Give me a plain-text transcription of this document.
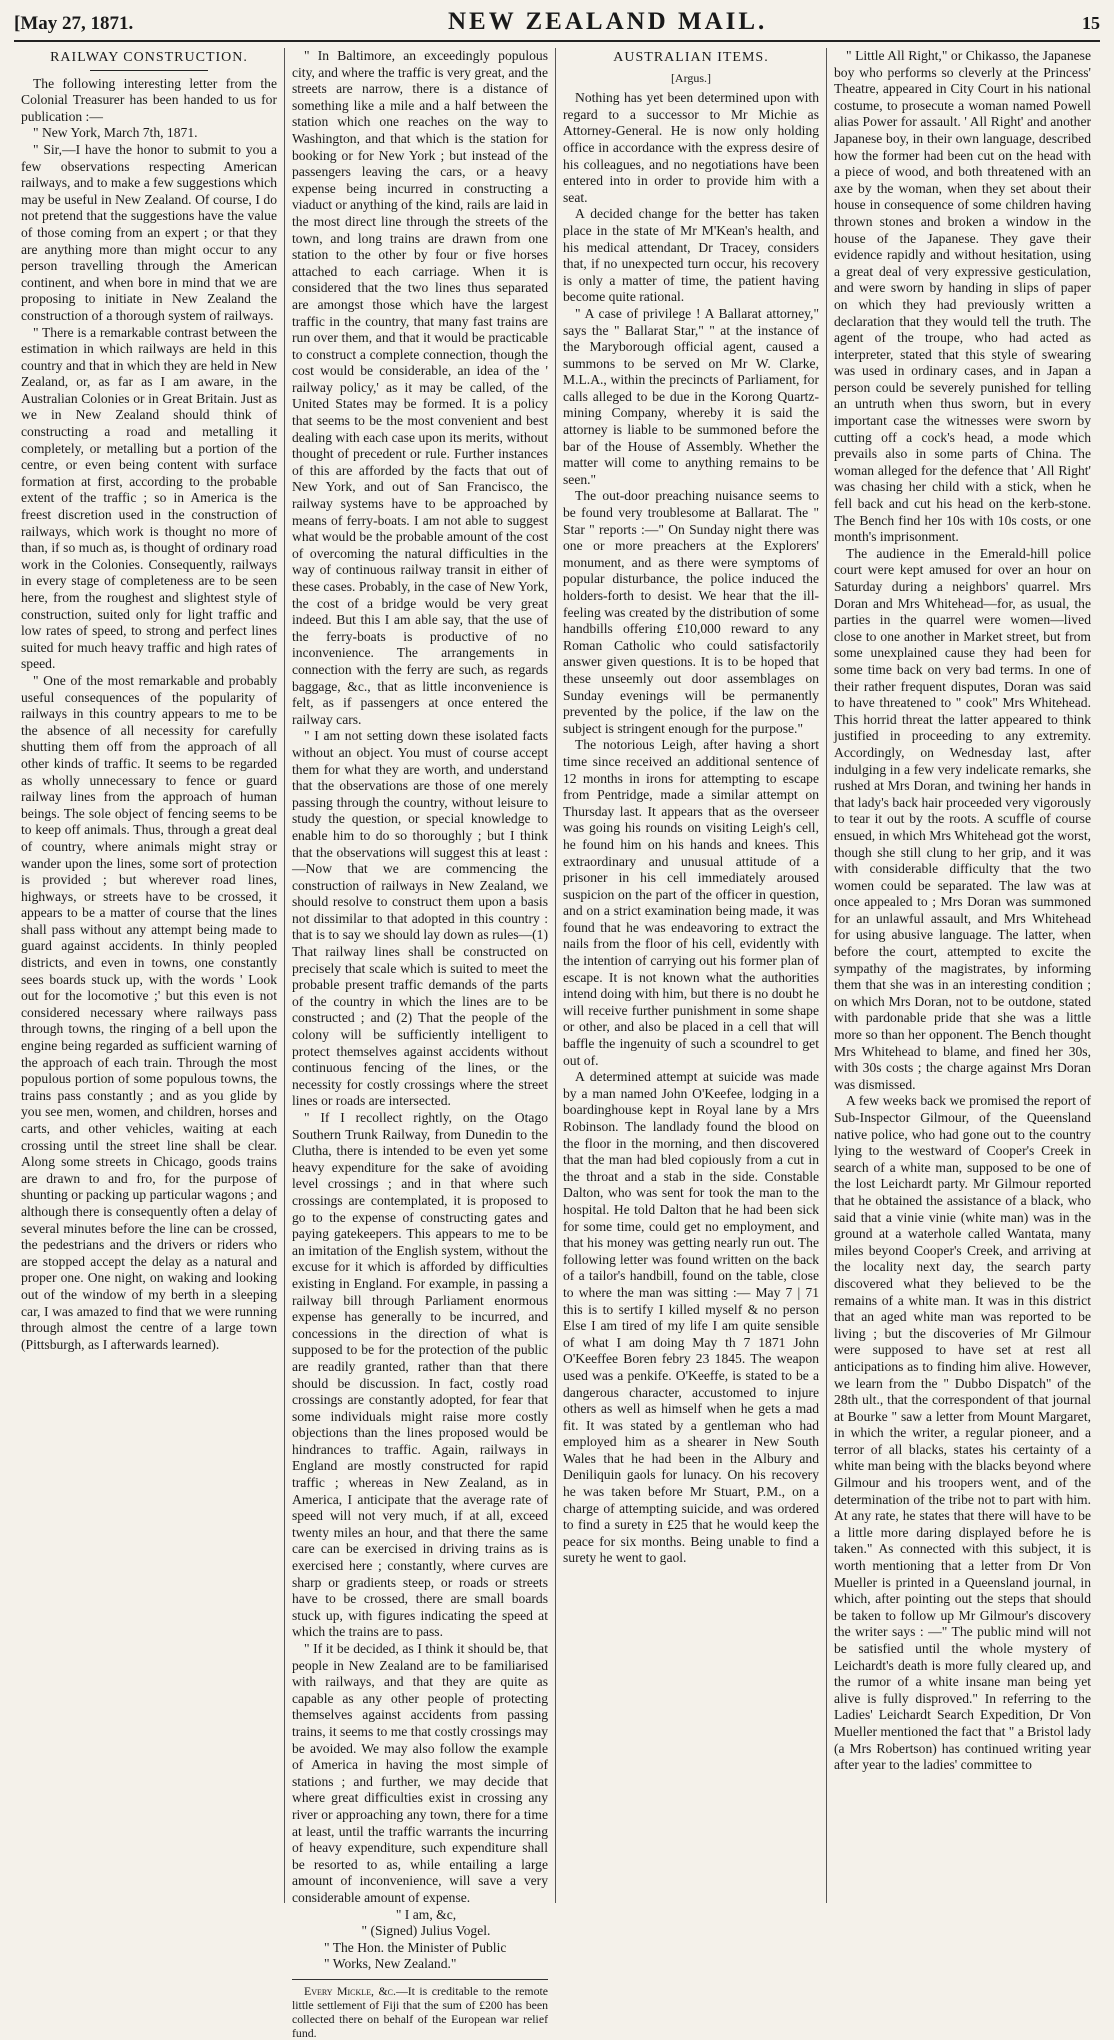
[May 27, 1871.	NEW ZEALAND MAIL.	15
RAILWAY CONSTRUCTION.

The following interesting letter from the Colonial Treasurer has been handed to us for publication :—

" New York, March 7th, 1871.

" Sir,—I have the honor to submit to you a few observations respecting American railways, and to make a few suggestions which may be useful in New Zealand. Of course, I do not pretend that the suggestions have the value of those coming from an expert ; or that they are anything more than might occur to any person travelling through the American continent, and when bore in mind that we are proposing to initiate in New Zealand the construction of a thorough system of railways.

" There is a remarkable contrast between the estimation in which railways are held in this country and that in which they are held in New Zealand, or, as far as I am aware, in the Australian Colonies or in Great Britain. Just as we in New Zealand should think of constructing a road and metalling it completely, or metalling but a portion of the centre, or even being content with surface formation at first, according to the probable extent of the traffic ; so in America is the freest discretion used in the construction of railways, which work is thought no more of than, if so much as, is thought of ordinary road work in the Colonies. Consequently, railways in every stage of completeness are to be seen here, from the roughest and slightest style of construction, suited only for light traffic and low rates of speed, to strong and perfect lines suited for much heavy traffic and high rates of speed.

" One of the most remarkable and probably useful consequences of the popularity of railways in this country appears to me to be the absence of all necessity for carefully shutting them off from the approach of all other kinds of traffic. It seems to be regarded as wholly unnecessary to fence or guard railway lines from the approach of human beings. The sole object of fencing seems to be to keep off animals. Thus, through a great deal of country, where animals might stray or wander upon the lines, some sort of protection is provided ; but wherever road lines, highways, or streets have to be crossed, it appears to be a matter of course that the lines shall pass without any attempt being made to guard against accidents. In thinly peopled districts, and even in towns, one constantly sees boards stuck up, with the words ' Look out for the locomotive ;' but this even is not considered necessary where railways pass through towns, the ringing of a bell upon the engine being regarded as sufficient warning of the approach of each train. Through the most populous portion of some populous towns, the trains pass constantly ; and as you glide by you see men, women, and children, horses and carts, and other vehicles, waiting at each crossing until the street line shall be clear. Along some streets in Chicago, goods trains are drawn to and fro, for the purpose of shunting or packing up particular wagons ; and although there is consequently often a delay of several minutes before the line can be crossed, the pedestrians and the drivers or riders who are stopped accept the delay as a natural and proper one. One night, on waking and looking out of the window of my berth in a sleeping car, I was amazed to find that we were running through almost the centre of a large town (Pittsburgh, as I afterwards learned).

" In Baltimore, an exceedingly populous city, and where the traffic is very great, and the streets are narrow, there is a distance of something like a mile and a half between the station which one reaches on the way to Washington, and that which is the station for booking or for New York ; but instead of the passengers leaving the cars, or a heavy expense being incurred in constructing a viaduct or anything of the kind, rails are laid in the most direct line through the streets of the town, and long trains are drawn from one station to the other by four or five horses attached to each carriage. When it is considered that the two lines thus separated are amongst those which have the largest traffic in the country, that many fast trains are run over them, and that it would be practicable to construct a complete connection, though the cost would be considerable, an idea of the ' railway policy,' as it may be called, of the United States may be formed. It is a policy that seems to be the most convenient and best dealing with each case upon its merits, without thought of precedent or rule. Further instances of this are afforded by the facts that out of New York, and out of San Francisco, the railway systems have to be approached by means of ferry-boats. I am not able to suggest what would be the probable amount of the cost of overcoming the natural difficulties in the way of continuous railway transit in either of these cases. Probably, in the case of New York, the cost of a bridge would be very great indeed. But this I am able say, that the use of the ferry-boats is productive of no inconvenience. The arrangements in connection with the ferry are such, as regards baggage, &c., that as little inconvenience is felt, as if passengers at once entered the railway cars.

" I am not setting down these isolated facts without an object. You must of course accept them for what they are worth, and understand that the observations are those of one merely passing through the country, without leisure to study the question, or special knowledge to enable him to do so thoroughly ; but I think that the observations will suggest this at least :—Now that we are commencing the construction of railways in New Zealand, we should resolve to construct them upon a basis not dissimilar to that adopted in this country : that is to say we should lay down as rules—(1) That railway lines shall be constructed on precisely that scale which is suited to meet the probable present traffic demands of the parts of the country in which the lines are to be constructed ; and (2) That the people of the colony will be sufficiently intelligent to protect themselves against accidents without continuous fencing of the lines, or the necessity for costly crossings where the street lines or roads are intersected.

" If I recollect rightly, on the Otago Southern Trunk Railway, from Dunedin to the Clutha, there is intended to be even yet some heavy expenditure for the sake of avoiding level crossings ; and in that where such crossings are contemplated, it is proposed to go to the expense of constructing gates and paying gatekeepers. This appears to me to be an imitation of the English system, without the excuse for it which is afforded by difficulties existing in England. For example, in passing a railway bill through Parliament enormous expense has generally to be incurred, and concessions in the direction of what is supposed to be for the protection of the public are readily granted, rather than that there should be discussion. In fact, costly road crossings are constantly adopted, for fear that some individuals might raise more costly objections than the lines proposed would be hindrances to traffic. Again, railways in England are mostly constructed for rapid traffic ; whereas in New Zealand, as in America, I anticipate that the average rate of speed will not very much, if at all, exceed twenty miles an hour, and that there the same care can be exercised in driving trains as is exercised here ; constantly, where curves are sharp or gradients steep, or roads or streets have to be crossed, there are small boards stuck up, with figures indicating the speed at which the trains are to pass.

" If it be decided, as I think it should be, that people in New Zealand are to be familiarised with railways, and that they are quite as capable as any other people of protecting themselves against accidents from passing trains, it seems to me that costly crossings may be avoided. We may also follow the example of America in having the most simple of stations ; and further, we may decide that where great difficulties exist in crossing any river or approaching any town, there for a time at least, until the traffic warrants the incurring of heavy expenditure, such expenditure shall be resorted to as, while entailing a large amount of inconvenience, will save a very considerable amount of expense.

" I am, &c,

" (Signed) Julius Vogel.

" The Hon. the Minister of Public

" Works, New Zealand."

Every Mickle, &c.—It is creditable to the remote little settlement of Fiji that the sum of £200 has been collected there on behalf of the European war relief fund.

AUSTRALIAN ITEMS.
[Argus.]

Nothing has yet been determined upon with regard to a successor to Mr Michie as Attorney-General. He is now only holding office in accordance with the express desire of his colleagues, and no negotiations have been entered into in order to provide him with a seat.

A decided change for the better has taken place in the state of Mr M'Kean's health, and his medical attendant, Dr Tracey, considers that, if no unexpected turn occur, his recovery is only a matter of time, the patient having become quite rational.

" A case of privilege ! A Ballarat attorney," says the " Ballarat Star," " at the instance of the Maryborough official agent, caused a summons to be served on Mr W. Clarke, M.L.A., within the precincts of Parliament, for calls alleged to be due in the Korong Quartz-mining Company, whereby it is said the attorney is liable to be summoned before the bar of the House of Assembly. Whether the matter will come to anything remains to be seen."

The out-door preaching nuisance seems to be found very troublesome at Ballarat. The " Star " reports :—" On Sunday night there was one or more preachers at the Explorers' monument, and as there were symptoms of popular disturbance, the police induced the holders-forth to desist. We hear that the ill-feeling was created by the distribution of some handbills offering £10,000 reward to any Roman Catholic who could satisfactorily answer given questions. It is to be hoped that these unseemly out door assemblages on Sunday evenings will be permanently prevented by the police, if the law on the subject is stringent enough for the purpose."

The notorious Leigh, after having a short time since received an additional sentence of 12 months in irons for attempting to escape from Pentridge, made a similar attempt on Thursday last. It appears that as the overseer was going his rounds on visiting Leigh's cell, he found him on his hands and knees. This extraordinary and unusual attitude of a prisoner in his cell immediately aroused suspicion on the part of the officer in question, and on a strict examination being made, it was found that he was endeavoring to extract the nails from the floor of his cell, evidently with the intention of carrying out his former plan of escape. It is not known what the authorities intend doing with him, but there is no doubt he will receive further punishment in some shape or other, and also be placed in a cell that will baffle the ingenuity of such a scoundrel to get out of.

A determined attempt at suicide was made by a man named John O'Keefee, lodging in a boardinghouse kept in Royal lane by a Mrs Robinson. The landlady found the blood on the floor in the morning, and then discovered that the man had bled copiously from a cut in the throat and a stab in the side. Constable Dalton, who was sent for took the man to the hospital. He told Dalton that he had been sick for some time, could get no employment, and that his money was getting nearly run out. The following letter was found written on the back of a tailor's handbill, found on the table, close to where the man was sitting :— May 7 | 71 this is to sertify I killed myself & no person Else I am tired of my life I am quite sensible of what I am doing May th 7 1871 John O'Keeffee Boren febry 23 1845. The weapon used was a penkife. O'Keeffe, is stated to be a dangerous character, accustomed to injure others as well as himself when he gets a mad fit. It was stated by a gentleman who had employed him as a shearer in New South Wales that he had been in the Albury and Deniliquin gaols for lunacy. On his recovery he was taken before Mr Stuart, P.M., on a charge of attempting suicide, and was ordered to find a surety in £25 that he would keep the peace for six months. Being unable to find a surety he went to gaol.

" Little All Right," or Chikasso, the Japanese boy who performs so cleverly at the Princess' Theatre, appeared in City Court in his national costume, to prosecute a woman named Powell alias Power for assault. ' All Right' and another Japanese boy, in their own language, described how the former had been cut on the head with a piece of wood, and both threatened with an axe by the woman, when they set about their house in consequence of some children having thrown stones and broken a window in the house of the Japanese. They gave their evidence rapidly and without hesitation, using a great deal of very expressive gesticulation, and were sworn by handing in slips of paper on which they had previously written a declaration that they would tell the truth. The agent of the troupe, who had acted as interpreter, stated that this style of swearing was used in ordinary cases, and in Japan a person could be severely punished for telling an untruth when thus sworn, but in every important case the witnesses were sworn by cutting off a cock's head, a mode which prevails also in some parts of China. The woman alleged for the defence that ' All Right' was chasing her child with a stick, when he fell back and cut his head on the kerb-stone. The Bench find her 10s with 10s costs, or one month's imprisonment.

The audience in the Emerald-hill police court were kept amused for over an hour on Saturday during a neighbors' quarrel. Mrs Doran and Mrs Whitehead—for, as usual, the parties in the quarrel were women—lived close to one another in Market street, but from some unexplained cause they had been for some time back on very bad terms. In one of their rather frequent disputes, Doran was said to have threatened to " cook" Mrs Whitehead. This horrid threat the latter appeared to think justified in proceeding to any extremity. Accordingly, on Wednesday last, after indulging in a few very indelicate remarks, she rushed at Mrs Doran, and twining her hands in that lady's back hair proceeded very vigorously to tear it out by the roots. A scuffle of course ensued, in which Mrs Whitehead got the worst, though she still clung to her grip, and it was with considerable difficulty that the two women could be separated. The law was at once appealed to ; Mrs Doran was summoned for an unlawful assault, and Mrs Whitehead for using abusive language. The latter, when before the court, attempted to excite the sympathy of the magistrates, by informing them that she was in an interesting condition ; on which Mrs Doran, not to be outdone, stated with pardonable pride that she was a little more so than her opponent. The Bench thought Mrs Whitehead to blame, and fined her 30s, with 30s costs ; the charge against Mrs Doran was dismissed.

A few weeks back we promised the report of Sub-Inspector Gilmour, of the Queensland native police, who had gone out to the country lying to the westward of Cooper's Creek in search of a white man, supposed to be one of the lost Leichardt party. Mr Gilmour reported that he obtained the assistance of a black, who said that a vinie vinie (white man) was in the ground at a waterhole called Wantata, many miles beyond Cooper's Creek, and arriving at the locality next day, the search party discovered what they believed to be the remains of a white man. It was in this district that an aged white man was reported to be living ; but the discoveries of Mr Gilmour were supposed to have set at rest all anticipations as to finding him alive. However, we learn from the " Dubbo Dispatch" of the 28th ult., that the correspondent of that journal at Bourke " saw a letter from Mount Margaret, in which the writer, a regular pioneer, and a terror of all blacks, states his certainty of a white man being with the blacks beyond where Gilmour and his troopers went, and of the determination of the tribe not to part with him. At any rate, he states that there will have to be a little more daring displayed before he is taken." As connected with this subject, it is worth mentioning that a letter from Dr Von Mueller is printed in a Queensland journal, in which, after pointing out the steps that should be taken to follow up Mr Gilmour's discovery the writer says : —" The public mind will not be satisfied until the whole mystery of Leichardt's death is more fully cleared up, and the rumor of a white insane man being yet alive is fully disproved." In referring to the Ladies' Leichardt Search Expedition, Dr Von Mueller mentioned the fact that " a Bristol lady (a Mrs Robertson) has continued writing year after year to the ladies' committee to
